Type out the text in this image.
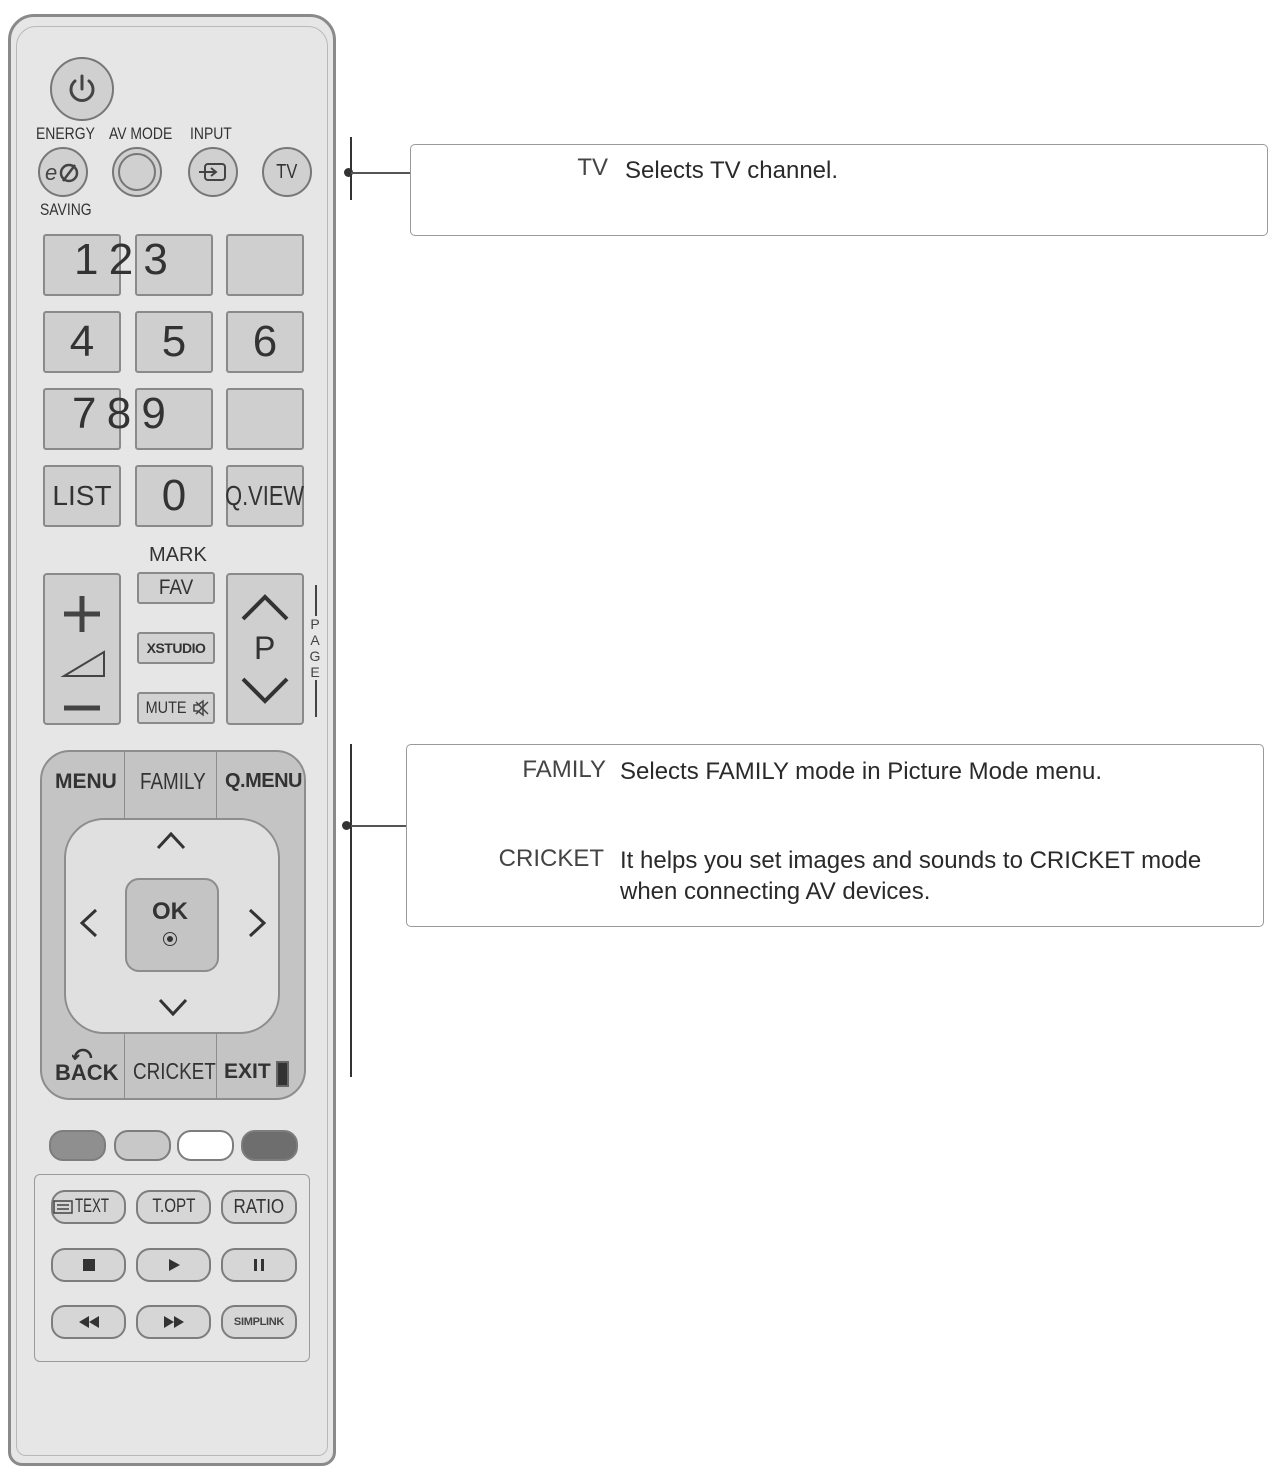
ENERGY AV MODE INPUT
e	TV
SAVING
1 2 3
4 5 6
7 8 9
LIST 0 Q.VIEW
MARK
FAV
XSTUDIO
MUTE
P
PAGE
MENU FAMILY Q.MENU
OK
BACK CRICKET EXIT
TEXT T.OPT RATIO
SIMPLINK
TV Selects TV channel.
FAMILY Selects FAMILY mode in Picture Mode menu.
CRICKET It helps you set images and sounds to CRICKET mode when connecting AV devices.
